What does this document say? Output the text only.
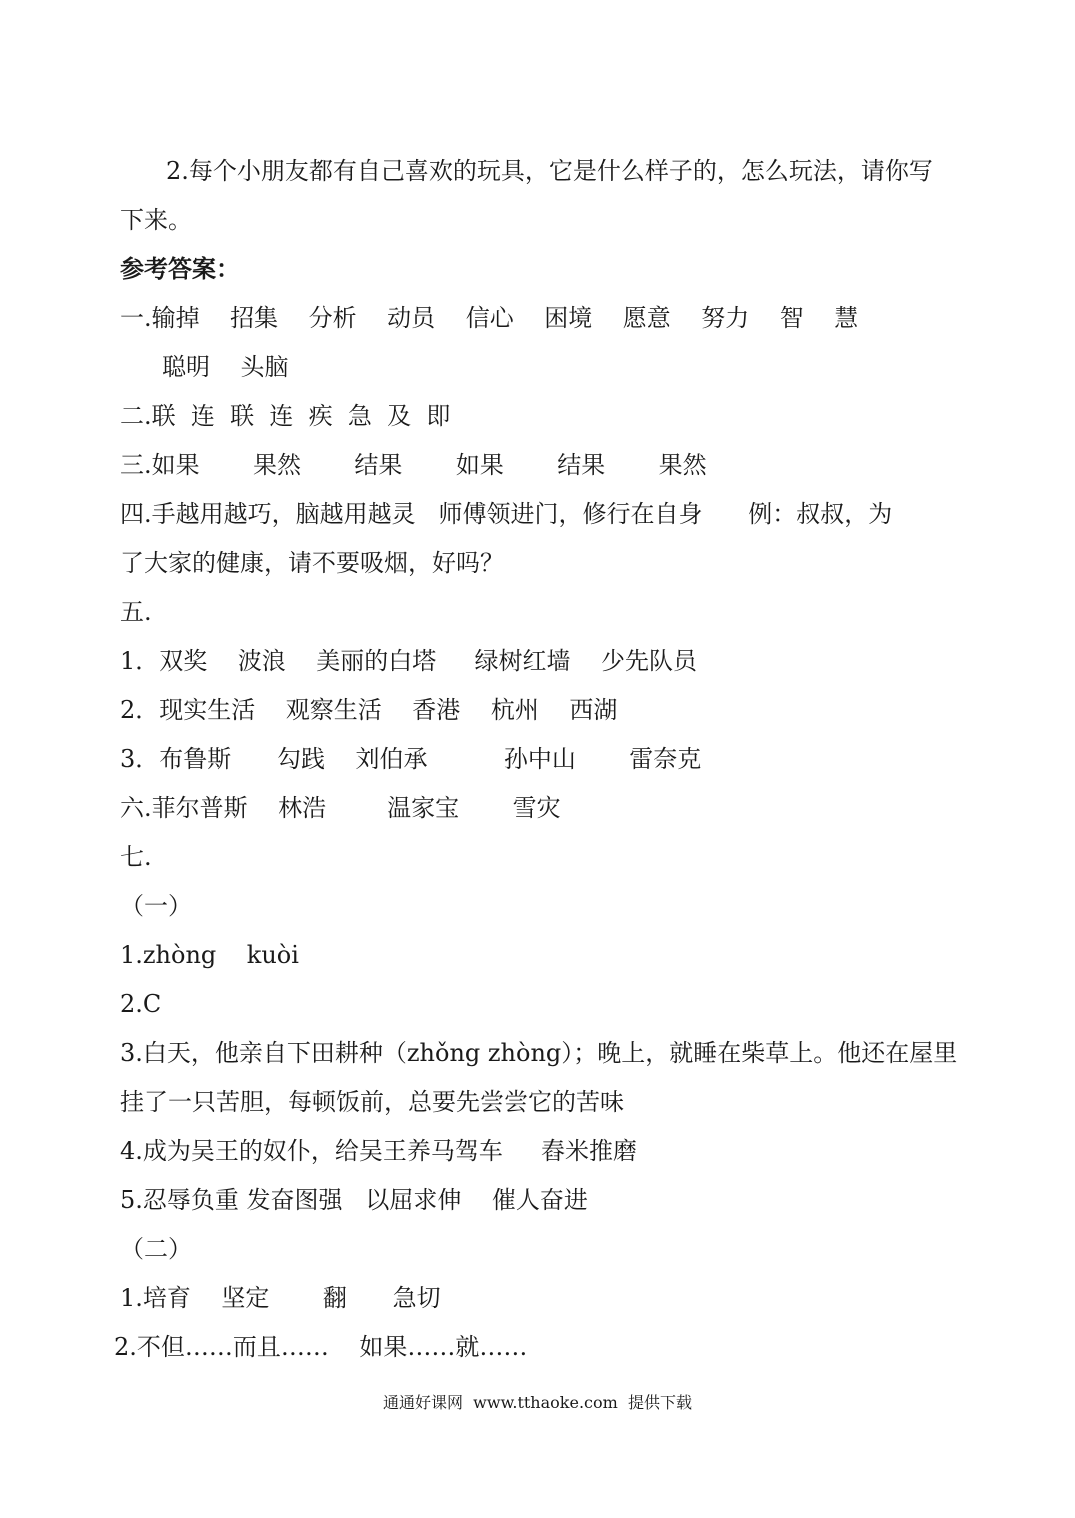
2.每个小朋友都有自己喜欢的玩具，它是什么样子的，怎么玩法，请你写
下来。
参考答案：
一.输掉    招集    分析    动员    信心    困境    愿意    努力    智    慧
聪明    头脑
二.联  连  联  连  疾  急  及  即
三.如果       果然       结果       如果       结果       果然
四.手越用越巧，脑越用越灵   师傅领进门，修行在自身      例：叔叔，为
了大家的健康，请不要吸烟，好吗？
五.
1．双奖    波浪    美丽的白塔     绿树红墙    少先队员
2．现实生活    观察生活    香港    杭州    西湖
3．布鲁斯      勾践    刘伯承          孙中山       雷奈克
六.菲尔普斯    林浩        温家宝       雪灾
七.
（一）
1.zhòng    kuòi
2.C
3.白天，他亲自下田耕种（zhǒng zhòng）；晚上，就睡在柴草上。他还在屋里
挂了一只苦胆，每顿饭前，总要先尝尝它的苦味
4.成为吴王的奴仆，给吴王养马驾车     舂米推磨
5.忍辱负重 发奋图强   以屈求伸    催人奋进
（二）
1.培育    坚定       翻      急切
2.不但……而且……    如果……就……
通通好课网  www.tthaoke.com  提供下载
